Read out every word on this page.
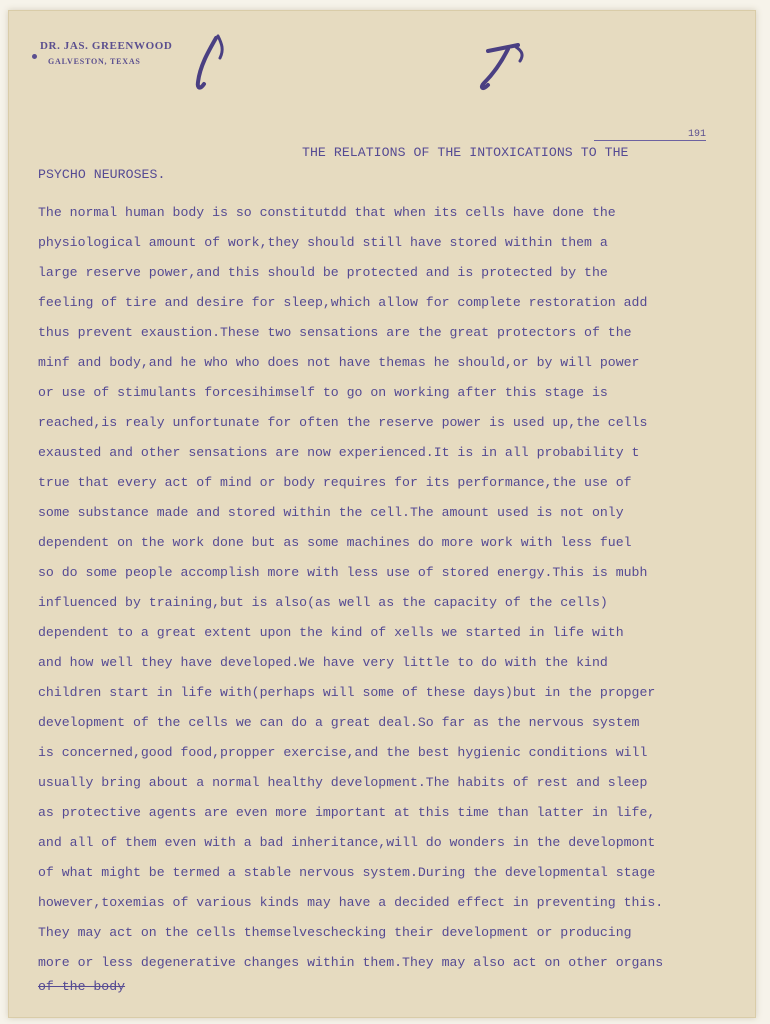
DR. JAS. GREENWOOD
GALVESTON, TEXAS
191
THE RELATIONS OF THE INTOXICATIONS TO THE
PSYCHO NEUROSES.
The normal human body is so constitutdd that when its cells have done the
physiological amount of work,they should still have stored within them a
large reserve power,and this should be protected and is protected by the
feeling of tire and desire for sleep,which allow for complete restoration add
thus prevent exaustion.These two sensations are the great protectors of the
minf and body,and he who who does not have themas he should,or by will power
or use of stimulants forcesihimself to go on working after this stage is
reached,is realy unfortunate for often the reserve power is used up,the cells
exausted and other sensations are now experienced.It is in all probability t
true that every act of mind or body requires for its performance,the use of
some substance made and stored within the cell.The amount used is not only
dependent on the work done but as some machines do more work with less fuel
so do some people accomplish more with less use of stored energy.This is mubh
influenced by training,but is also(as well as the capacity of the cells)
dependent to a great extent upon the kind of xells we started in life with
and how well they have developed.We have very little to do with the kind
children start in life with(perhaps will some of these days)but in the propger
development of the cells we can do a great deal.So far as the nervous system
is concerned,good food,propper exercise,and the best hygienic conditions will
usually bring about a normal healthy development.The habits of rest and sleep
as protective agents are even more important at this time than latter in life,
and all of them even with a bad inheritance,will do wonders in the developmont
of what might be termed a stable nervous system.During the developmental stage
however,toxemias of various kinds may have a decided effect in preventing this.
They may act on the cells themselveschecking their development or producing
more or less degenerative changes within them.They may also act on other organs
of the body
